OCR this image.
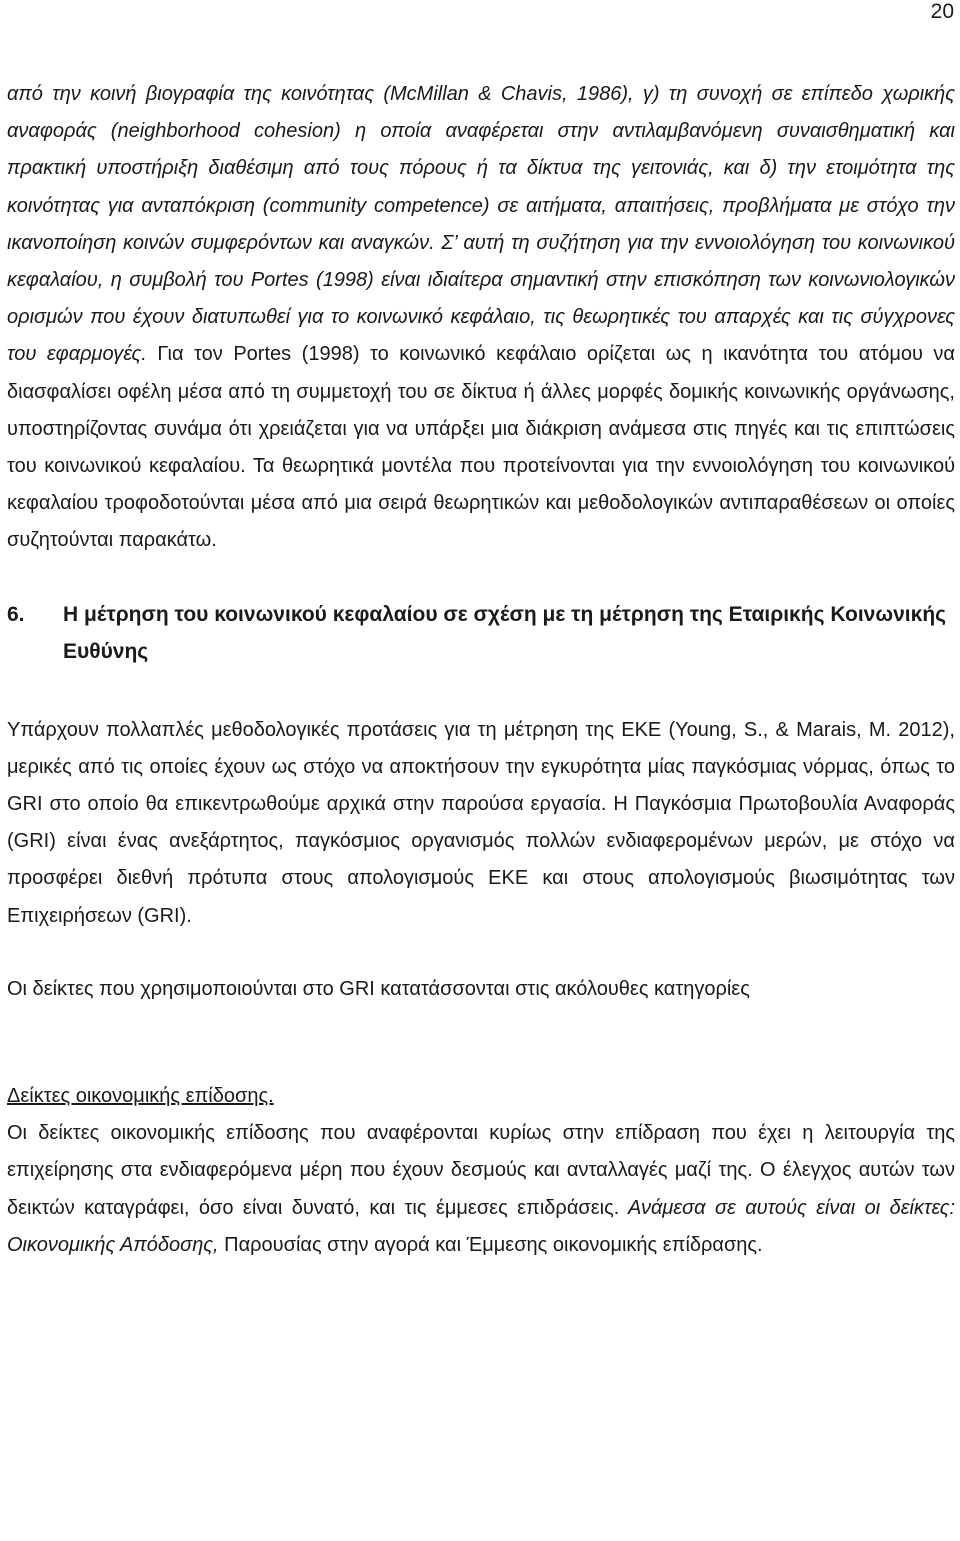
20

από την κοινή βιογραφία της κοινότητας (McMillan & Chavis, 1986), γ) τη συνοχή σε επίπεδο χωρικής αναφοράς (neighborhood cohesion) η οποία αναφέρεται στην αντιλαμβανόμενη συναισθηματική και πρακτική υποστήριξη διαθέσιμη από τους πόρους ή τα δίκτυα της γειτονιάς, και δ) την ετοιμότητα της κοινότητας για ανταπόκριση (community competence) σε αιτήματα, απαιτήσεις, προβλήματα με στόχο την ικανοποίηση κοινών συμφερόντων και αναγκών. Σ’ αυτή τη συζήτηση για την εννοιολόγηση του κοινωνικού κεφαλαίου, η συμβολή του Portes (1998) είναι ιδιαίτερα σημαντική στην επισκόπηση των κοινωνιολογικών ορισμών που έχουν διατυπωθεί για το κοινωνικό κεφάλαιο, τις θεωρητικές του απαρχές και τις σύγχρονες του εφαρμογές. Για τον Portes (1998) το κοινωνικό κεφάλαιο ορίζεται ως η ικανότητα του ατόμου να διασφαλίσει οφέλη μέσα από τη συμμετοχή του σε δίκτυα ή άλλες μορφές δομικής κοινωνικής οργάνωσης, υποστηρίζοντας συνάμα ότι χρειάζεται για να υπάρξει μια διάκριση ανάμεσα στις πηγές και τις επιπτώσεις του κοινωνικού κεφαλαίου. Τα θεωρητικά μοντέλα που προτείνονται για την εννοιολόγηση του κοινωνικού κεφαλαίου τροφοδοτούνται μέσα από μια σειρά θεωρητικών και μεθοδολογικών αντιπαραθέσεων οι οποίες συζητούνται παρακάτω.

6.	Η μέτρηση του κοινωνικού κεφαλαίου σε σχέση με τη μέτρηση της Εταιρικής Κοινωνικής Ευθύνης

Υπάρχουν πολλαπλές μεθοδολογικές προτάσεις για τη μέτρηση της ΕΚΕ (Young, S., & Marais, M. 2012), μερικές από τις οποίες έχουν ως στόχο να αποκτήσουν την εγκυρότητα μίας παγκόσμιας νόρμας, όπως το GRI στο οποίο θα επικεντρωθούμε αρχικά στην παρούσα εργασία. Η Παγκόσμια Πρωτοβουλία Αναφοράς (GRI) είναι ένας ανεξάρτητος, παγκόσμιος οργανισμός πολλών ενδιαφερομένων μερών, με στόχο να προσφέρει διεθνή πρότυπα στους απολογισμούς ΕΚΕ και στους απολογισμούς βιωσιμότητας των Επιχειρήσεων (GRI).

Οι δείκτες που χρησιμοποιούνται στο GRI κατατάσσονται στις ακόλουθες κατηγορίες

Δείκτες οικονομικής επίδοσης.

Οι δείκτες οικονομικής επίδοσης που αναφέρονται κυρίως στην επίδραση που έχει η λειτουργία της επιχείρησης στα ενδιαφερόμενα μέρη που έχουν δεσμούς και ανταλλαγές μαζί της. Ο έλεγχος αυτών των δεικτών καταγράφει, όσο είναι δυνατό, και τις έμμεσες επιδράσεις. Ανάμεσα σε αυτούς είναι οι δείκτες: Οικονομικής Απόδοσης, Παρουσίας στην αγορά και Έμμεσης οικονομικής επίδρασης.
